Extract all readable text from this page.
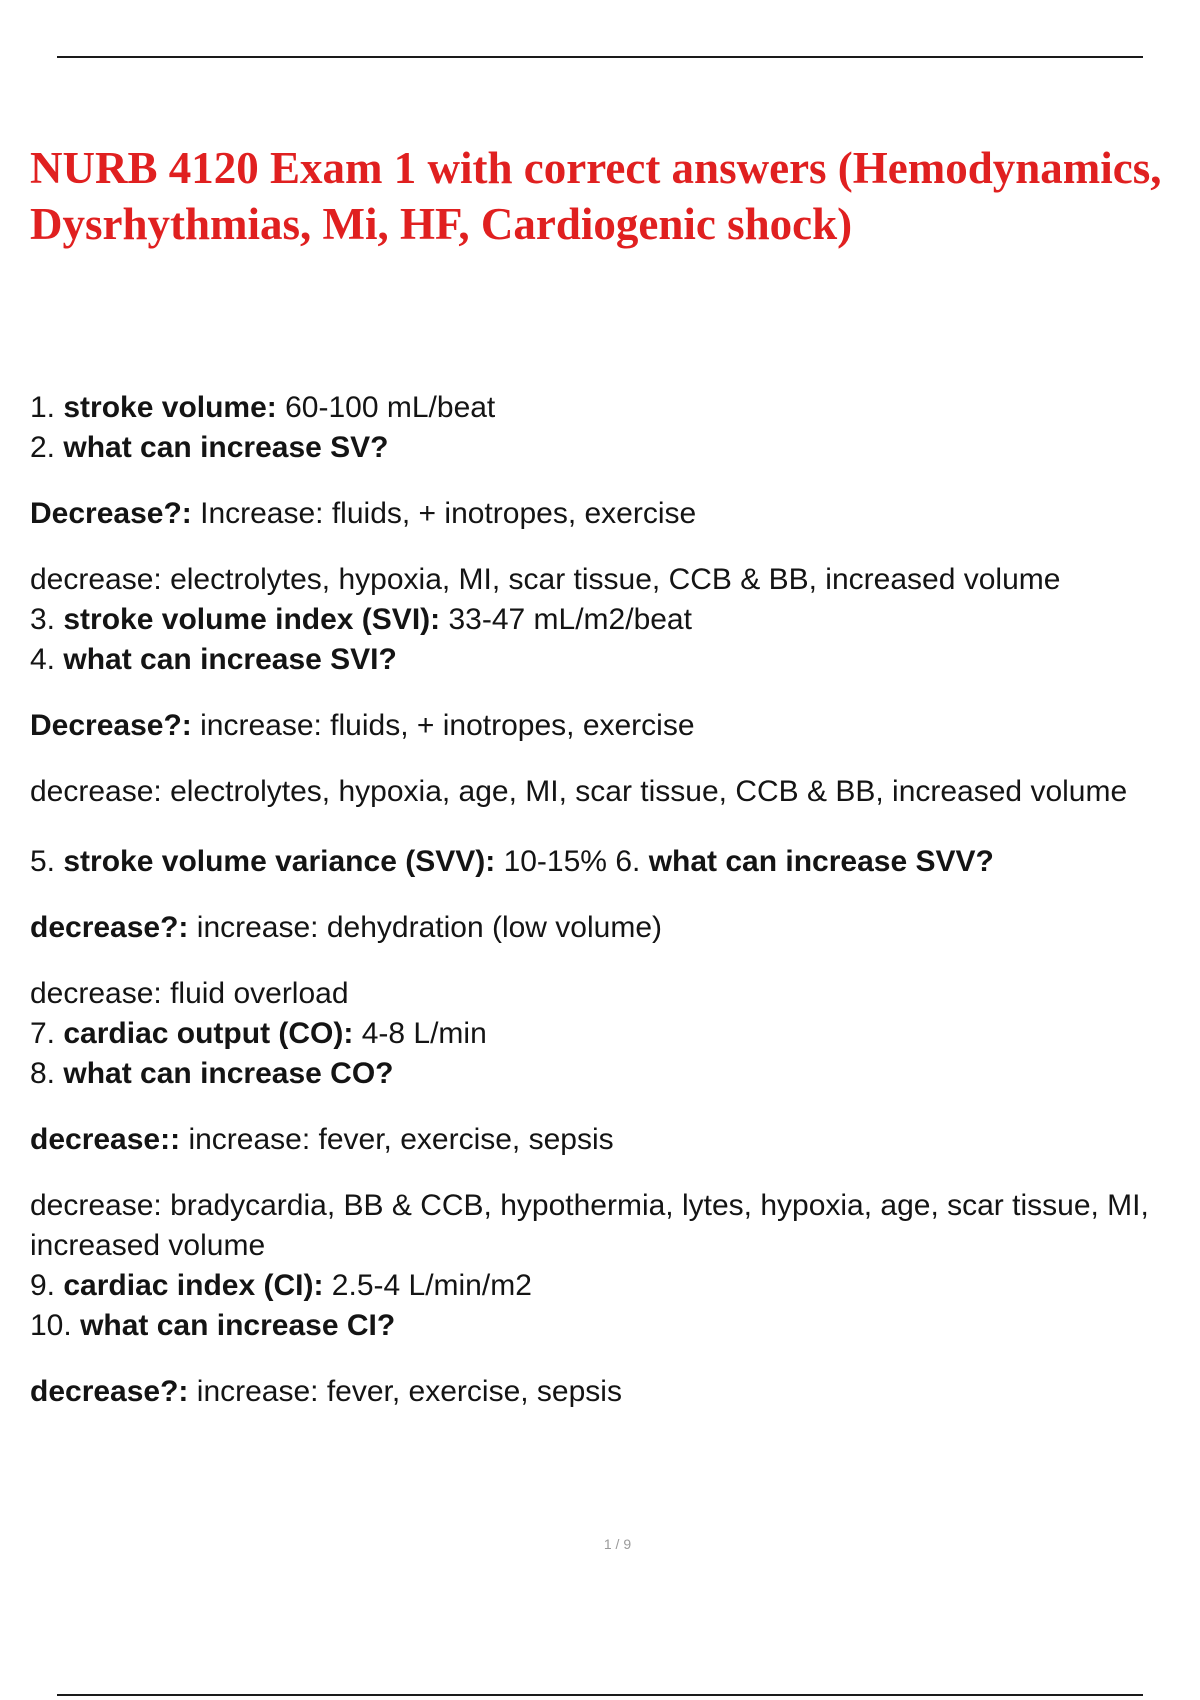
NURB 4120 Exam 1 with correct answers (Hemodynamics, Dysrhythmias, Mi, HF, Cardiogenic shock)
1. stroke volume: 60-100 mL/beat
2. what can increase SV?
Decrease?: Increase: fluids, + inotropes, exercise
decrease: electrolytes, hypoxia, MI, scar tissue, CCB & BB, increased volume
3. stroke volume index (SVI): 33-47 mL/m2/beat
4. what can increase SVI?
Decrease?: increase: fluids, + inotropes, exercise
decrease: electrolytes, hypoxia, age, MI, scar tissue, CCB & BB, increased volume
5. stroke volume variance (SVV): 10-15% 6. what can increase SVV?
decrease?: increase: dehydration (low volume)
decrease: fluid overload
7. cardiac output (CO): 4-8 L/min
8. what can increase CO?
decrease:: increase: fever, exercise, sepsis
decrease: bradycardia, BB & CCB, hypothermia, lytes, hypoxia, age, scar tissue, MI, increased volume
9. cardiac index (CI): 2.5-4 L/min/m2
10. what can increase CI?
decrease?: increase: fever, exercise, sepsis
1 / 9
